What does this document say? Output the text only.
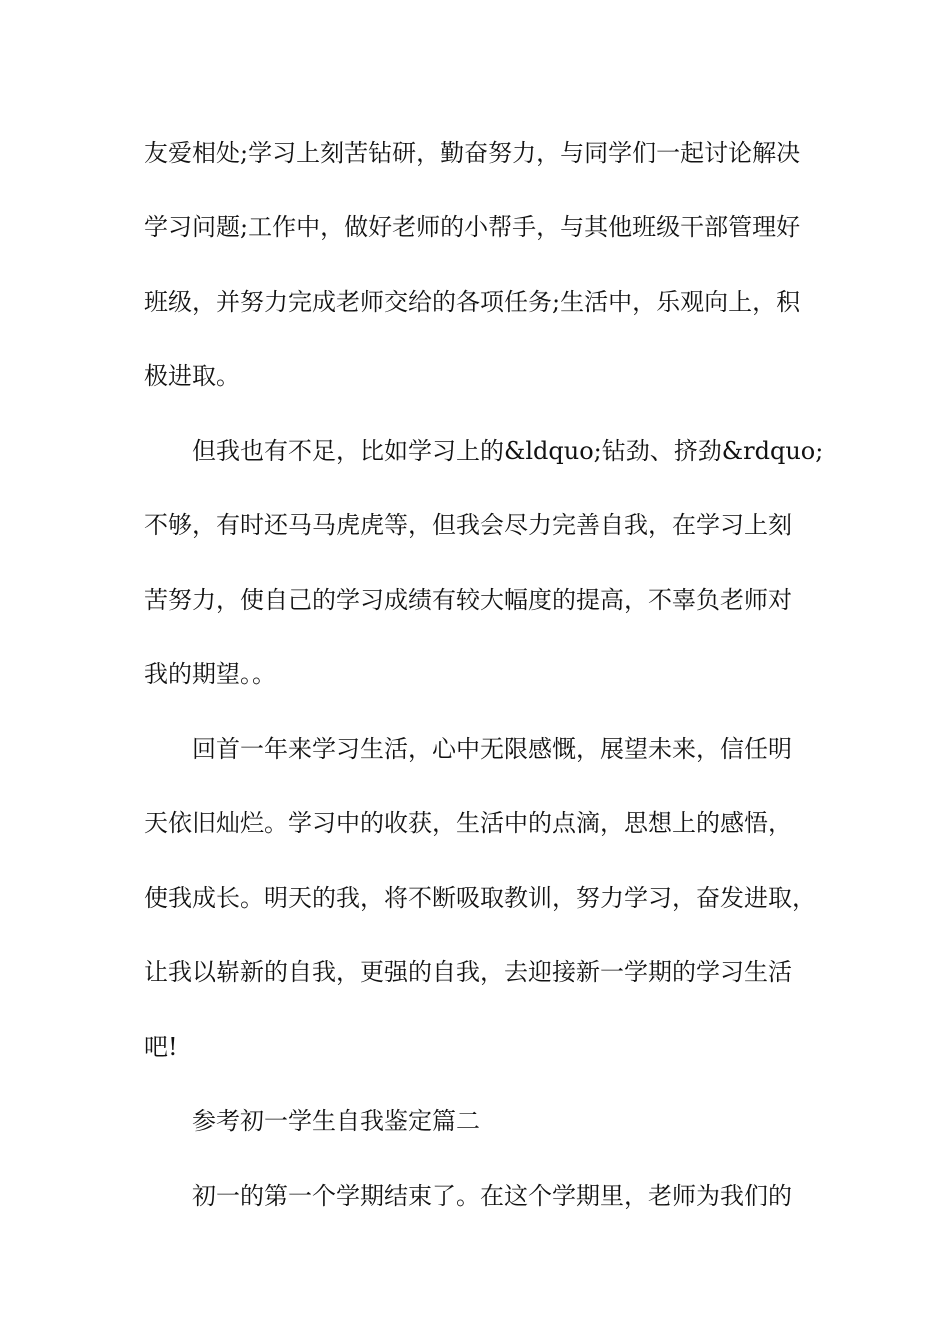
友爱相处;学习上刻苦钻研，勤奋努力，与同学们一起讨论解决
学习问题;工作中，做好老师的小帮手，与其他班级干部管理好
班级，并努力完成老师交给的各项任务;生活中，乐观向上，积
极进取。
但我也有不足，比如学习上的&ldquo;钻劲、挤劲&rdquo;
不够，有时还马马虎虎等，但我会尽力完善自我，在学习上刻
苦努力，使自己的学习成绩有较大幅度的提高，不辜负老师对
我的期望。。
回首一年来学习生活，心中无限感慨，展望未来，信任明
天依旧灿烂。学习中的收获，生活中的点滴，思想上的感悟，
使我成长。明天的我，将不断吸取教训，努力学习，奋发进取，
让我以崭新的自我，更强的自我，去迎接新一学期的学习生活
吧!
参考初一学生自我鉴定篇二
初一的第一个学期结束了。在这个学期里，老师为我们的
